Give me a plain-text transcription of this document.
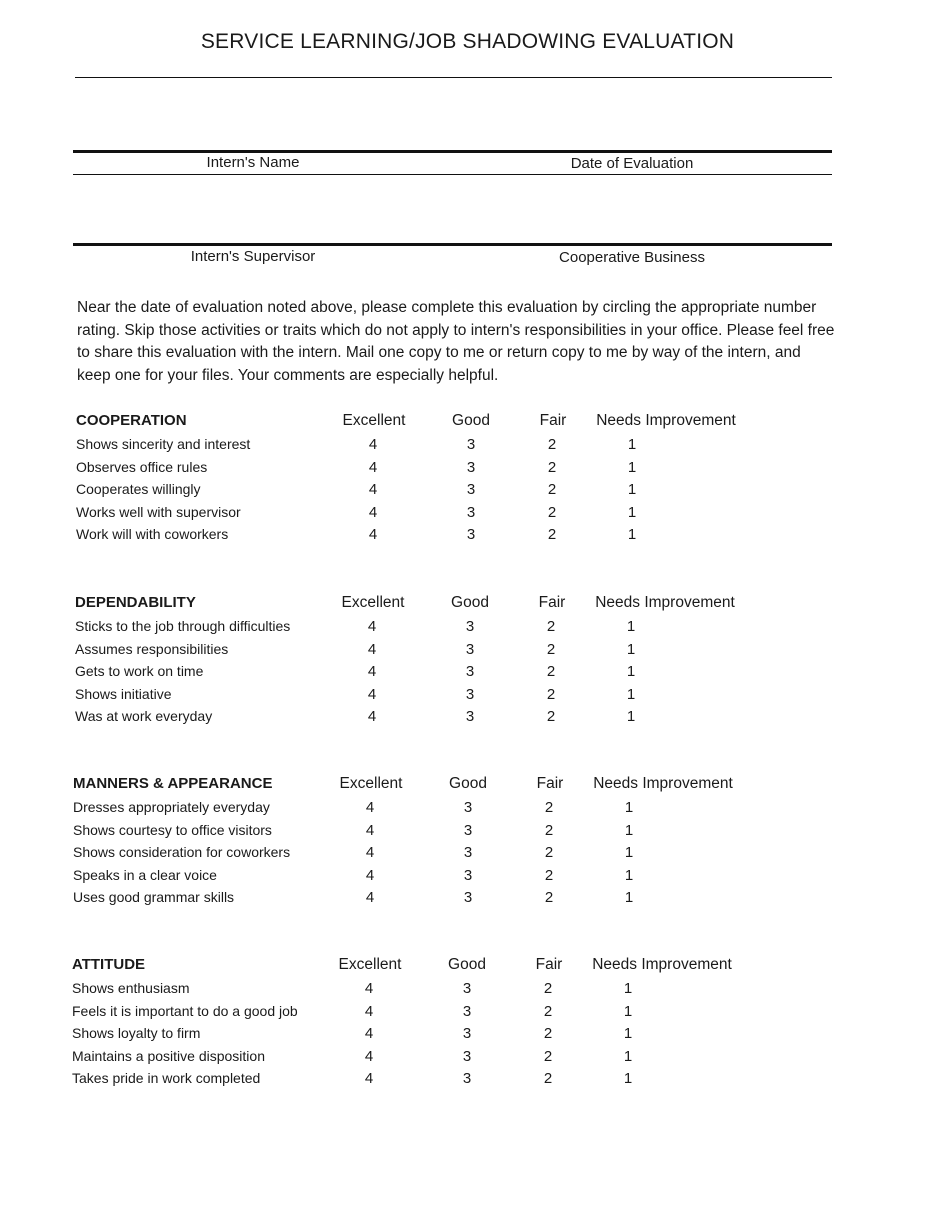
SERVICE LEARNING/JOB SHADOWING EVALUATION
Intern's Name	Date of Evaluation
Intern's Supervisor	Cooperative Business
Near the date of evaluation noted above, please complete this evaluation by circling the appropriate number rating. Skip those activities or traits which do not apply to intern's responsibilities in your office. Please feel free to share this evaluation with the intern. Mail one copy to me or return copy to me by way of the intern, and keep one for your files. Your comments are especially helpful.
COOPERATION	Excellent	Good	Fair	Needs Improvement
Shows sincerity and interest	4	3	2	1
Observes office rules	4	3	2	1
Cooperates willingly	4	3	2	1
Works well with supervisor	4	3	2	1
Work will with coworkers	4	3	2	1
DEPENDABILITY	Excellent	Good	Fair	Needs Improvement
Sticks to the job through difficulties	4	3	2	1
Assumes responsibilities	4	3	2	1
Gets to work on time	4	3	2	1
Shows initiative	4	3	2	1
Was at work everyday	4	3	2	1
MANNERS & APPEARANCE	Excellent	Good	Fair	Needs Improvement
Dresses appropriately everyday	4	3	2	1
Shows courtesy to office visitors	4	3	2	1
Shows consideration for coworkers	4	3	2	1
Speaks in a clear voice	4	3	2	1
Uses good grammar skills	4	3	2	1
ATTITUDE	Excellent	Good	Fair	Needs Improvement
Shows enthusiasm	4	3	2	1
Feels it is important to do a good job	4	3	2	1
Shows loyalty to firm	4	3	2	1
Maintains a positive disposition	4	3	2	1
Takes pride in work completed	4	3	2	1
